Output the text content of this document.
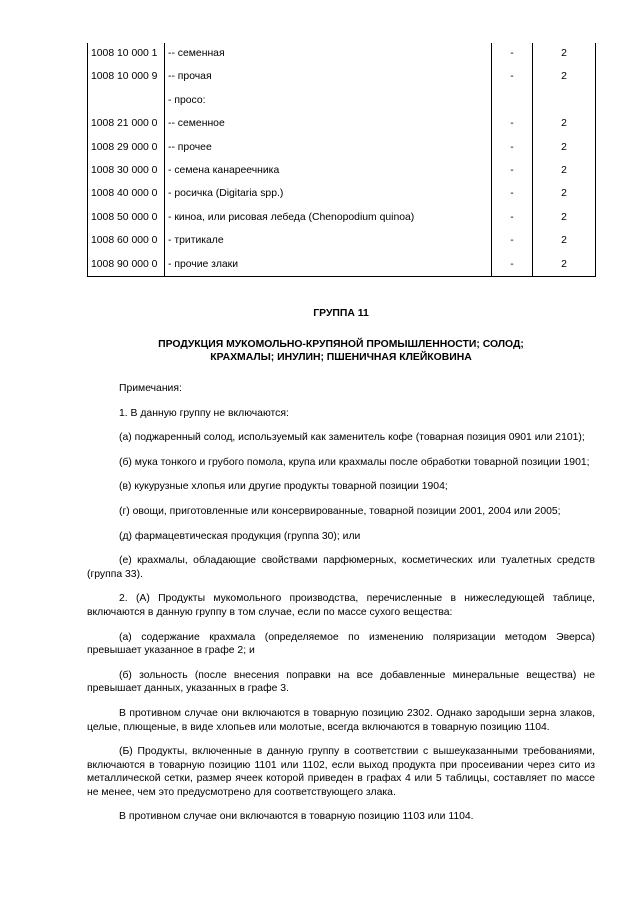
1008 10 000 1	-- семенная	-	2
1008 10 000 9	-- прочая	-	2
	- просо:		
1008 21 000 0	-- семенное	-	2
1008 29 000 0	-- прочее	-	2
1008 30 000 0	- семена канареечника	-	2
1008 40 000 0	- росичка (Digitaria spp.)	-	2
1008 50 000 0	- киноа, или рисовая лебеда (Chenopodium quinoa)	-	2
1008 60 000 0	- тритикале	-	2
1008 90 000 0	- прочие злаки	-	2

ГРУППА 11

ПРОДУКЦИЯ МУКОМОЛЬНО-КРУПЯНОЙ ПРОМЫШЛЕННОСТИ; СОЛОД;

КРАХМАЛЫ; ИНУЛИН; ПШЕНИЧНАЯ КЛЕЙКОВИНА

Примечания:

1. В данную группу не включаются:

(а) поджаренный солод, используемый как заменитель кофе (товарная позиция 0901 или 2101);

(б) мука тонкого и грубого помола, крупа или крахмалы после обработки товарной позиции 1901;

(в) кукурузные хлопья или другие продукты товарной позиции 1904;

(г) овощи, приготовленные или консервированные, товарной позиции 2001, 2004 или 2005;

(д) фармацевтическая продукция (группа 30); или

(е) крахмалы, обладающие свойствами парфюмерных, косметических или туалетных средств (группа 33).

2. (А) Продукты мукомольного производства, перечисленные в нижеследующей таблице, включаются в данную группу в том случае, если по массе сухого вещества:

(а) содержание крахмала (определяемое по изменению поляризации методом Эверса) превышает указанное в графе 2; и

(б) зольность (после внесения поправки на все добавленные минеральные вещества) не превышает данных, указанных в графе 3.

В противном случае они включаются в товарную позицию 2302. Однако зародыши зерна злаков, целые, плющеные, в виде хлопьев или молотые, всегда включаются в товарную позицию 1104.

(Б) Продукты, включенные в данную группу в соответствии с вышеуказанными требованиями, включаются в товарную позицию 1101 или 1102, если выход продукта при просеивании через сито из металлической сетки, размер ячеек которой приведен в графах 4 или 5 таблицы, составляет по массе не менее, чем это предусмотрено для соответствующего злака.

В противном случае они включаются в товарную позицию 1103 или 1104.
